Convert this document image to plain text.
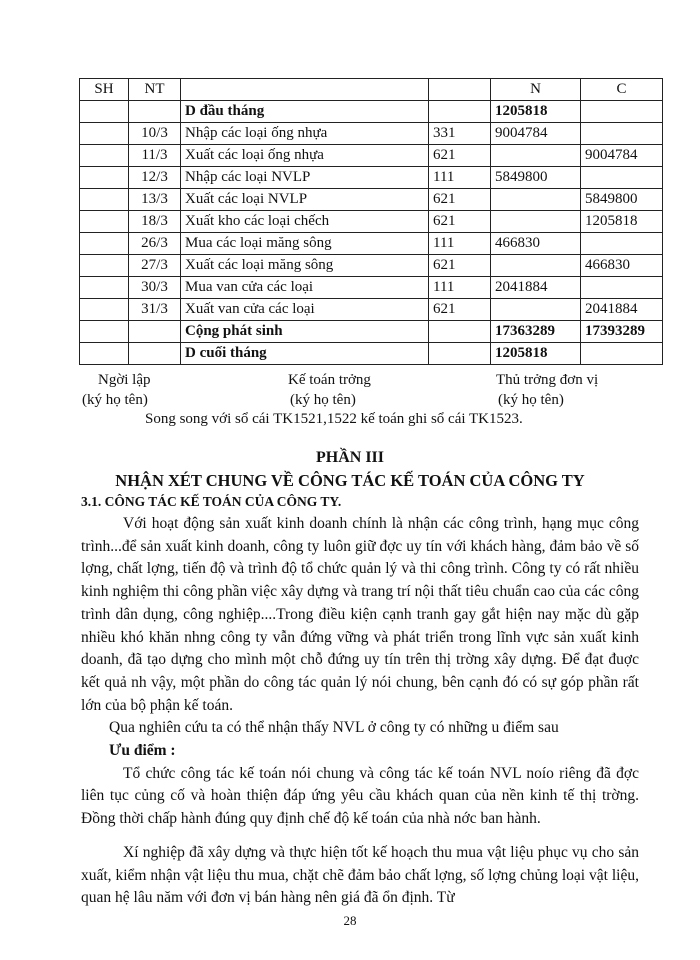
SH	NT			N	C
		D đầu tháng		1205818	
	10/3	Nhập các loại ống nhựa	331	9004784	
	11/3	Xuất các loại ống nhựa	621		9004784
	12/3	Nhập các loại NVLP	111	5849800	
	13/3	Xuất các loại NVLP	621		5849800
	18/3	Xuất kho các loại chếch	621		1205818
	26/3	Mua các loại măng sông	111	466830	
	27/3	Xuất các loại măng sông	621		466830
	30/3	Mua van cửa các loại	111	2041884	
	31/3	Xuất van cửa các loại	621		2041884
		Cộng phát sinh		17363289	17393289
		D cuối tháng		1205818	
Ngời lập
(ký họ tên)
Kế toán trởng
(ký họ tên)
Thủ trởng đơn vị
(ký họ tên)
Song song với sổ cái TK1521,1522 kế toán ghi sổ cái TK1523.
PHẦN III
NHẬN XÉT CHUNG VỀ CÔNG TÁC KẾ TOÁN CỦA CÔNG TY
3.1. CÔNG TÁC KẾ TOÁN CỦA CÔNG TY.

Với hoạt động sản xuất kinh doanh chính là nhận các công trình, hạng mục công trình...để sản xuất kinh doanh, công ty luôn giữ đợc uy tín với khách hàng, đảm bảo về số lợng, chất lợng, tiến độ và trình độ tổ chức quản lý và thi công trình. Công ty có rất nhiều kinh nghiệm thi công phần việc xây dựng và trang trí nội thất tiêu chuẩn cao của các công trình dân dụng, công nghiệp....Trong điều kiện cạnh tranh gay gắt hiện nay mặc dù gặp nhiều khó khăn nhng công ty vẫn đứng vững và phát triển trong lĩnh vực sản xuất kinh doanh, đã tạo dựng cho mình một chỗ đứng uy tín trên thị trờng xây dựng. Để đạt đuợc kết quả nh vậy, một phần do công tác quản lý nói chung, bên cạnh đó có sự góp phần rất lớn của bộ phận kế toán.

Qua nghiên cứu ta có thể nhận thấy NVL ở công ty có những u điểm sau

Ưu điểm :

Tổ chức công tác kế toán nói chung và công tác kế toán NVL noío riêng đã đợc liên tục củng cố và hoàn thiện đáp ứng yêu cầu khách quan của nền kinh tế thị trờng. Đồng thời chấp hành đúng quy định chế độ kế toán của nhà nớc ban hành.

Xí nghiệp đã xây dựng và thực hiện tốt kế hoạch thu mua vật liệu phục vụ cho sản xuất, kiểm nhận vật liệu thu mua, chặt chẽ đảm bảo chất lợng, số lợng chủng loại vật liệu, quan hệ lâu năm với đơn vị bán hàng nên giá đã ổn định. Từ

28
